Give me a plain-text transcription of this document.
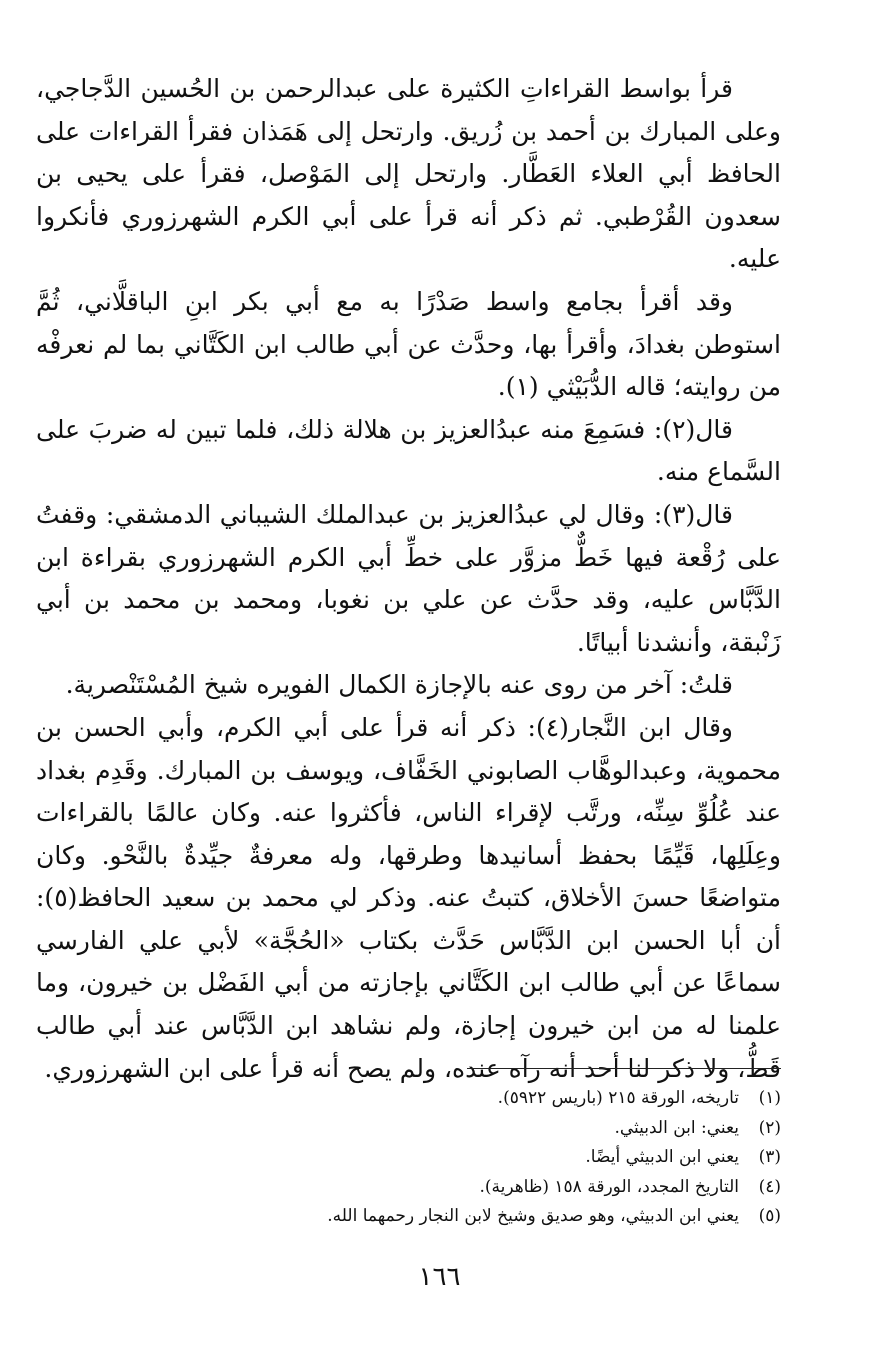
قرأ بواسط القراءاتِ الكثيرة على عبدالرحمن بن الحُسين الدَّجاجي، وعلى المبارك بن أحمد بن زُريق. وارتحل إلى هَمَذان فقرأ القراءات على الحافظ أبي العلاء العَطَّار. وارتحل إلى المَوْصل، فقرأ على يحيى بن سعدون القُرْطبي. ثم ذكر أنه قرأ على أبي الكرم الشهرزوري فأنكروا عليه.

وقد أقرأ بجامع واسط صَدْرًا به مع أبي بكر ابنِ الباقلَّاني، ثُمَّ استوطن بغدادَ، وأقرأ بها، وحدَّث عن أبي طالب ابن الكَتَّاني بما لم نعرفْه من روايته؛ قاله الدُّبَيْثي (١).

قال(٢): فسَمِعَ منه عبدُالعزيز بن هلالة ذلك، فلما تبين له ضربَ على السَّماع منه.

قال(٣): وقال لي عبدُالعزيز بن عبدالملك الشيباني الدمشقي: وقفتُ على رُقْعة فيها خَطٌّ مزوَّر على خطِّ أبي الكرم الشهرزوري بقراءة ابن الدَّبَّاس عليه، وقد حدَّث عن علي بن نغوبا، ومحمد بن محمد بن أبي زَنْبقة، وأنشدنا أبياتًا.

قلتُ: آخر من روى عنه بالإجازة الكمال الفويره شيخ المُسْتَنْصرية.

وقال ابن النَّجار(٤): ذكر أنه قرأ على أبي الكرم، وأبي الحسن بن محموية، وعبدالوهَّاب الصابوني الخَفَّاف، ويوسف بن المبارك. وقَدِم بغداد عند عُلُوِّ سِنِّه، ورتَّب لإقراء الناس، فأكثروا عنه. وكان عالمًا بالقراءات وعِلَلِها، قَيِّمًا بحفظ أسانيدها وطرقها، وله معرفةٌ جيِّدةٌ بالنَّحْو. وكان متواضعًا حسنَ الأخلاق، كتبتُ عنه. وذكر لي محمد بن سعيد الحافظ(٥): أن أبا الحسن ابن الدَّبَّاس حَدَّث بكتاب «الحُجَّة» لأبي علي الفارسي سماعًا عن أبي طالب ابن الكَتَّاني بإجازته من أبي الفَضْل بن خيرون، وما علمنا له من ابن خيرون إجازة، ولم نشاهد ابن الدَّبَّاس عند أبي طالب قَطُّ، ولا ذكر لنا أحد أنه رآه عنده، ولم يصح أنه قرأ على ابن الشهرزوري.

(١)
تاريخه، الورقة ٢١٥ (باريس ٥٩٢٢).
(٢)
يعني: ابن الدبيثي.
(٣)
يعني ابن الدبيثي أيضًا.
(٤)
التاريخ المجدد، الورقة ١٥٨ (ظاهرية).
(٥)
يعني ابن الدبيثي، وهو صديق وشيخ لابن النجار رحمهما الله.
١٦٦
